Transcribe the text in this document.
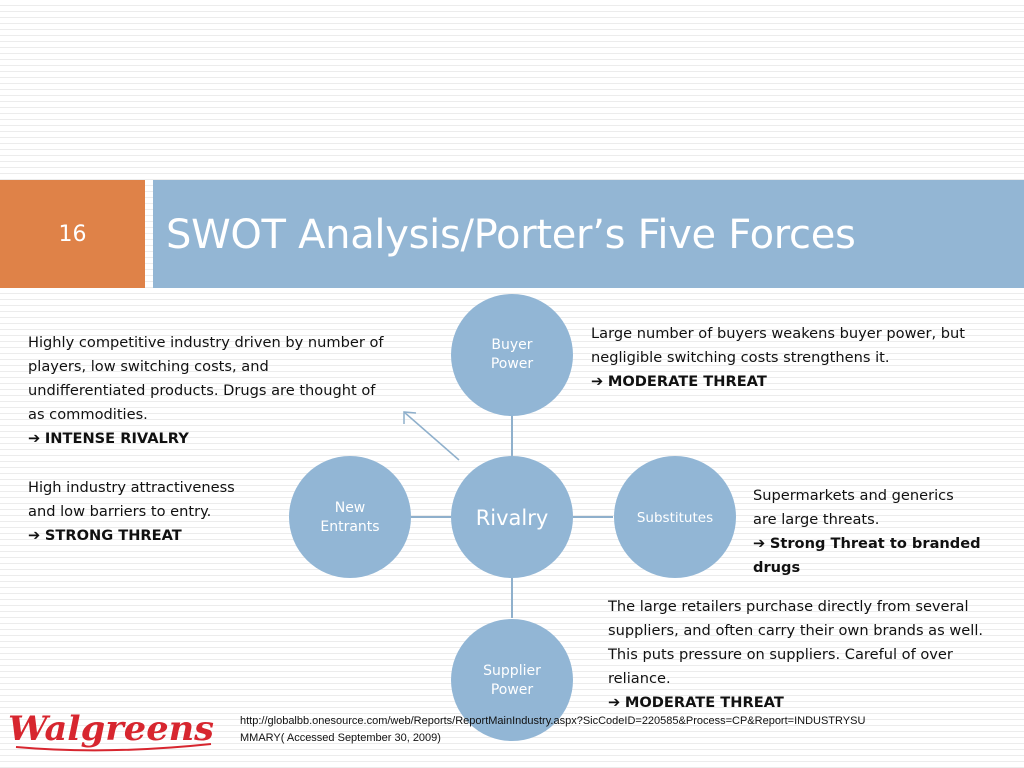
16 SWOT Analysis/Porter’s Five Forces
Buyer
Power
New
Entrants	Rivalry	Substitutes
Supplier
Power
Highly competitive industry driven by number of
players, low switching costs, and
undifferentiated products. Drugs are thought of
as commodities.
➔ INTENSE RIVALRY
High industry attractiveness
and low barriers to entry.
➔ STRONG THREAT
Large number of buyers weakens buyer power, but
negligible switching costs strengthens it.
➔ MODERATE THREAT
Supermarkets and generics
are large threats.
➔ Strong Threat to branded
drugs
The large retailers purchase directly from several
suppliers, and often carry their own brands as well.
This puts pressure on suppliers. Careful of over
reliance.
➔ MODERATE THREAT
http://globalbb.onesource.com/web/Reports/ReportMainIndustry.aspx?SicCodeID=220585&Process=CP&Report=INDUSTRYSU
MMARY( Accessed September 30, 2009)
Walgreens
